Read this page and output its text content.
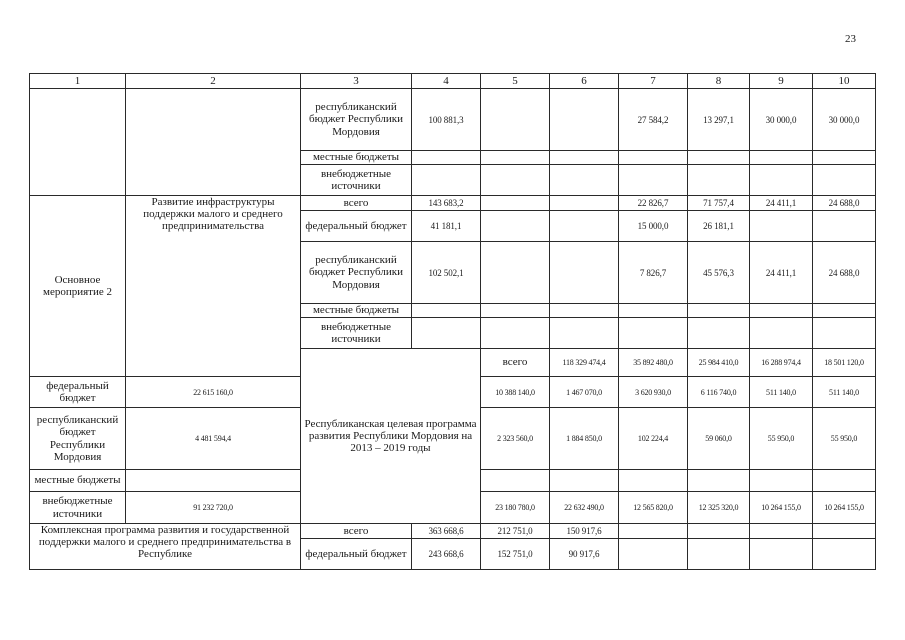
23
1	2	3	4	5	6	7	8	9	10	
		республиканский бюджет Республики Мордовия	100 881,3			27 584,2	13 297,1	30 000,0	30 000,0	
		местные бюджеты								
		внебюджетные источники								
Основное мероприятие 2	Развитие инфраструктуры поддержки малого и среднего предпринимательства	всего	143 683,2			22 826,7	71 757,4	24 411,1	24 688,0	
		федеральный бюджет	41 181,1			15 000,0	26 181,1			
		республиканский бюджет Республики Мордовия	102 502,1			7 826,7	45 576,3	24 411,1	24 688,0	
		местные бюджеты								
		внебюджетные источники								
		Республиканская целевая программа развития Республики Мордовия на 2013 – 2019 годы		всего	118 329 474,4	35 892 480,0	25 984 410,0	16 288 974,4	18 501 120,0		
федеральный бюджет	22 615 160,0			10 388 140,0	1 467 070,0	3 620 930,0	6 116 740,0	511 140,0	511 140,0	
республиканский бюджет Республики Мордовия	4 481 594,4			2 323 560,0	1 884 850,0	102 224,4	59 060,0	55 950,0	55 950,0	
местные бюджеты										
внебюджетные источники	91 232 720,0			23 180 780,0	22 632 490,0	12 565 820,0	12 325 320,0	10 264 155,0	10 264 155,0	
Комплексная программа развития и государственной поддержки малого и среднего предпринимательства в Республике		всего	363 668,6	212 751,0	150 917,6					
		федеральный бюджет	243 668,6	152 751,0	90 917,6					
